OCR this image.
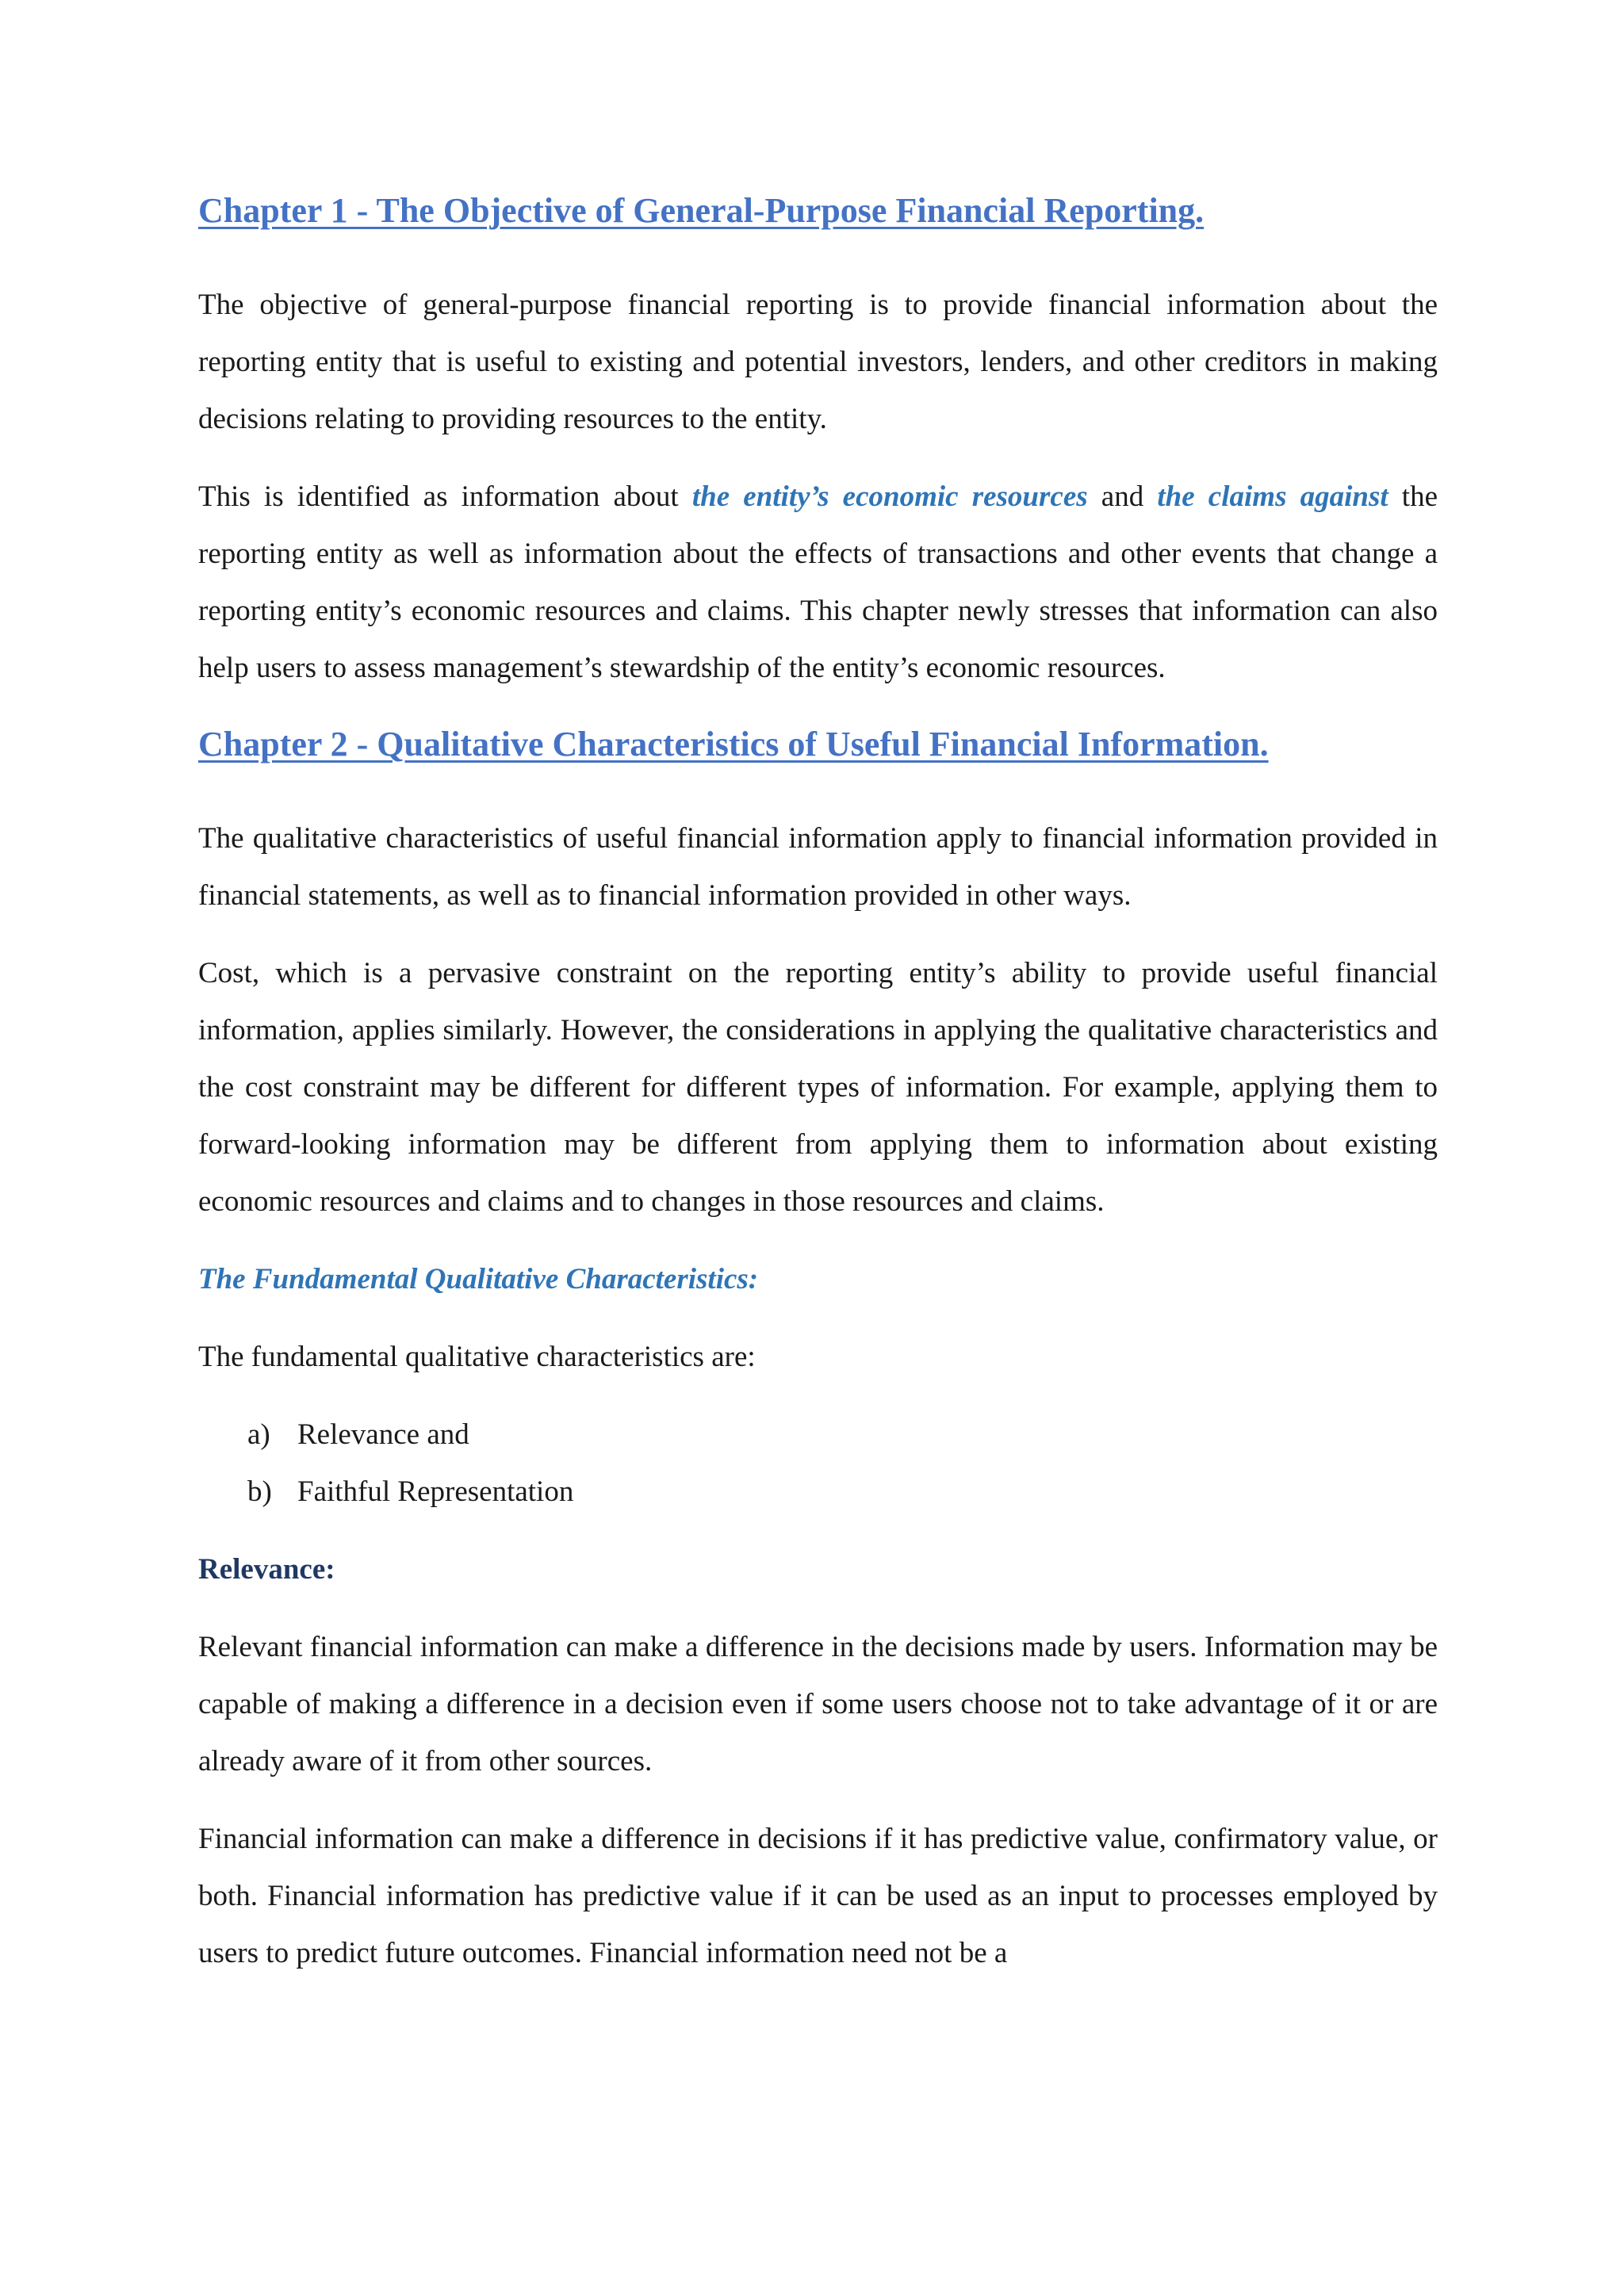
Chapter 1 - The Objective of General-Purpose Financial Reporting.

The objective of general-purpose financial reporting is to provide financial information about the reporting entity that is useful to existing and potential investors, lenders, and other creditors in making decisions relating to providing resources to the entity.

This is identified as information about the entity’s economic resources and the claims against the reporting entity as well as information about the effects of transactions and other events that change a reporting entity’s economic resources and claims. This chapter newly stresses that information can also help users to assess management’s stewardship of the entity’s economic resources.

Chapter 2 - Qualitative Characteristics of Useful Financial Information.

The qualitative characteristics of useful financial information apply to financial information provided in financial statements, as well as to financial information provided in other ways.

Cost, which is a pervasive constraint on the reporting entity’s ability to provide useful financial information, applies similarly. However, the considerations in applying the qualitative characteristics and the cost constraint may be different for different types of information. For example, applying them to forward-looking information may be different from applying them to information about existing economic resources and claims and to changes in those resources and claims.

The Fundamental Qualitative Characteristics:

The fundamental qualitative characteristics are:

a) Relevance and
b) Faithful Representation
Relevance:

Relevant financial information can make a difference in the decisions made by users. Information may be capable of making a difference in a decision even if some users choose not to take advantage of it or are already aware of it from other sources.

Financial information can make a difference in decisions if it has predictive value, confirmatory value, or both. Financial information has predictive value if it can be used as an input to processes employed by users to predict future outcomes. Financial information need not be a
